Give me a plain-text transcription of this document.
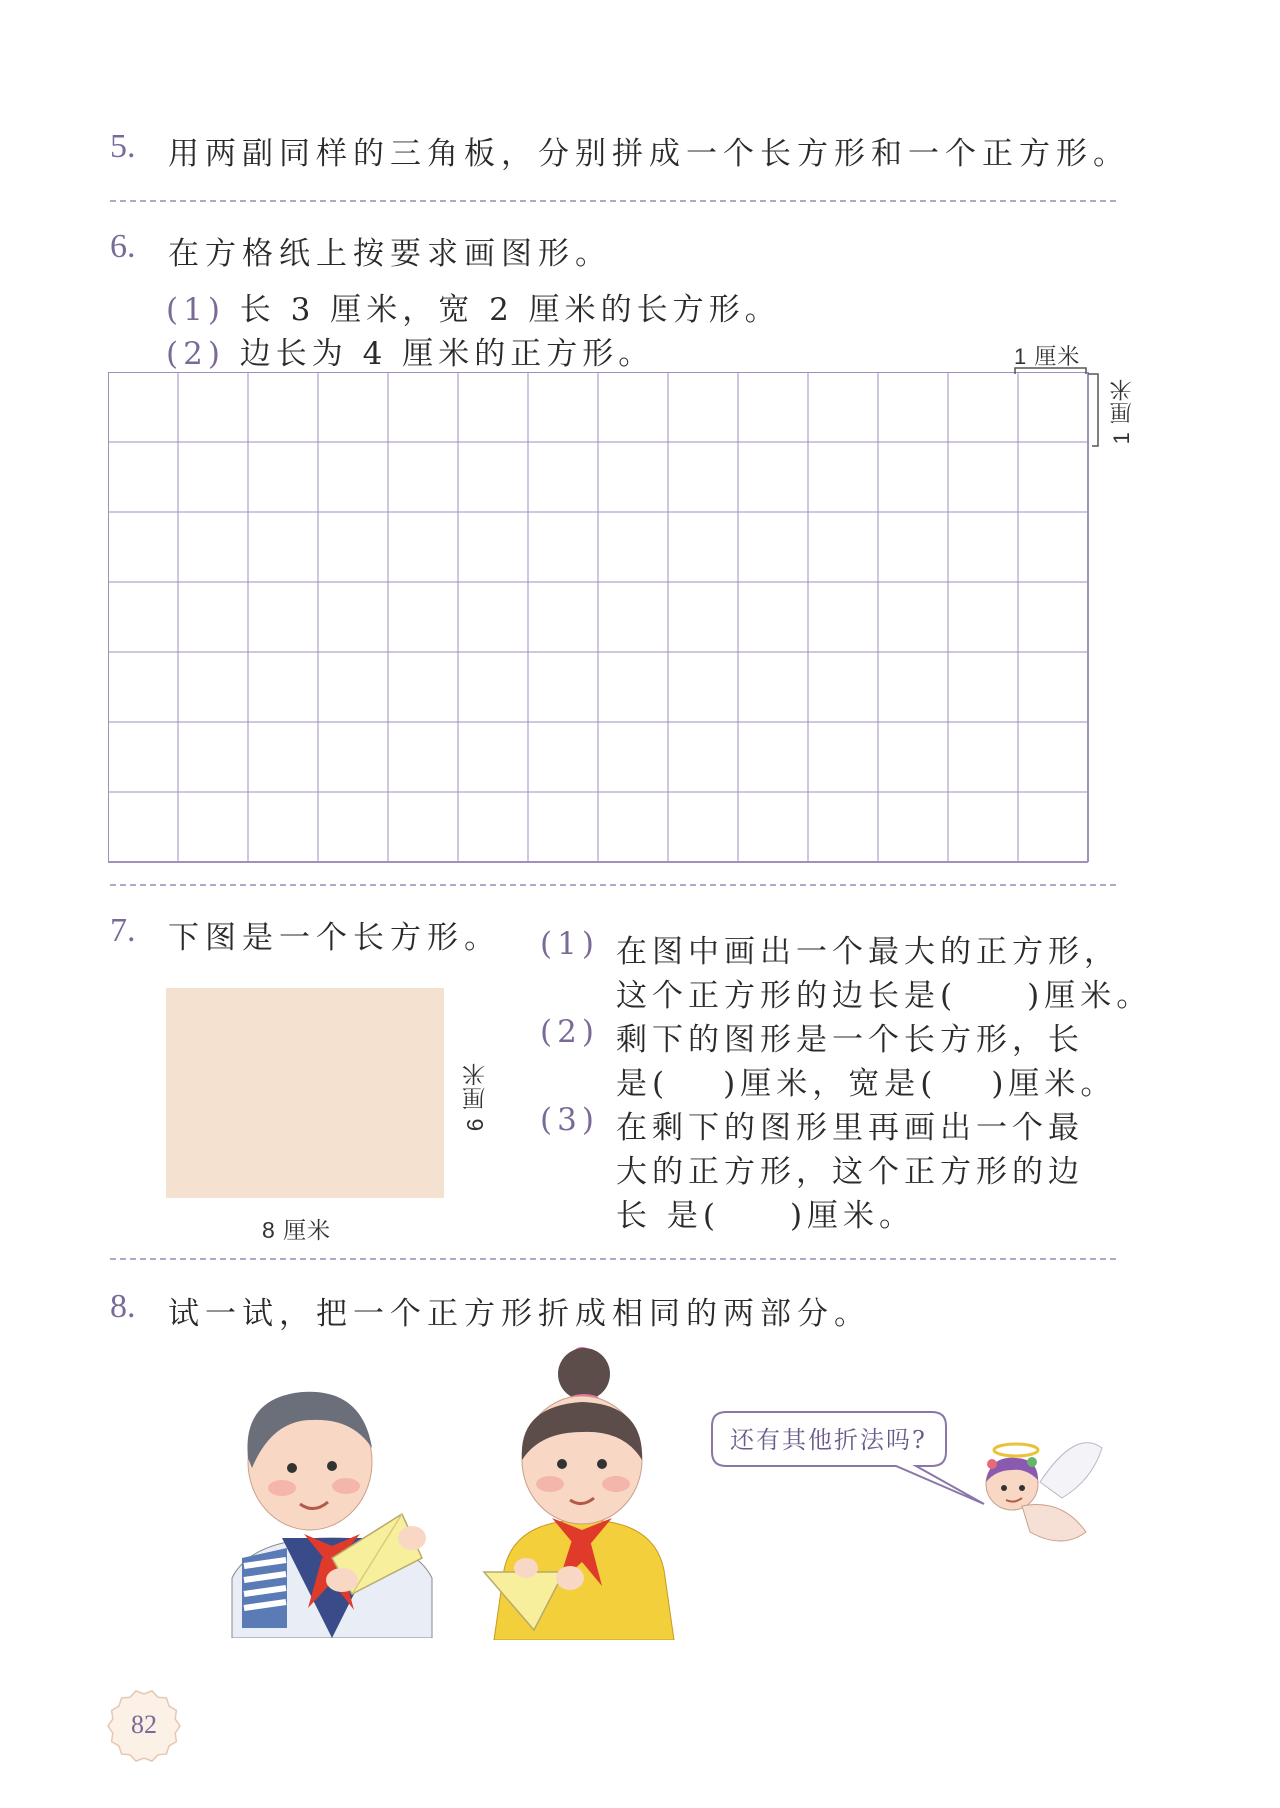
5. 用两副同样的三角板，分别拼成一个长方形和一个正方形。
6. 在方格纸上按要求画图形。
(1) 长 3 厘米，宽 2 厘米的长方形。
(2) 边长为 4 厘米的正方形。	1 厘米
1 厘米
7. 下图是一个长方形。
8 厘米
6 厘米
(1) 在图中画出一个最大的正方形，
这个正方形的边长是( )厘米。
(2) 剩下的图形是一个长方形，长
是( )厘米，宽是( )厘米。
(3) 在剩下的图形里再画出一个最
大的正方形，这个正方形的边
长 是( )厘米。
8. 试一试，把一个正方形折成相同的两部分。
还有其他折法吗?
82
